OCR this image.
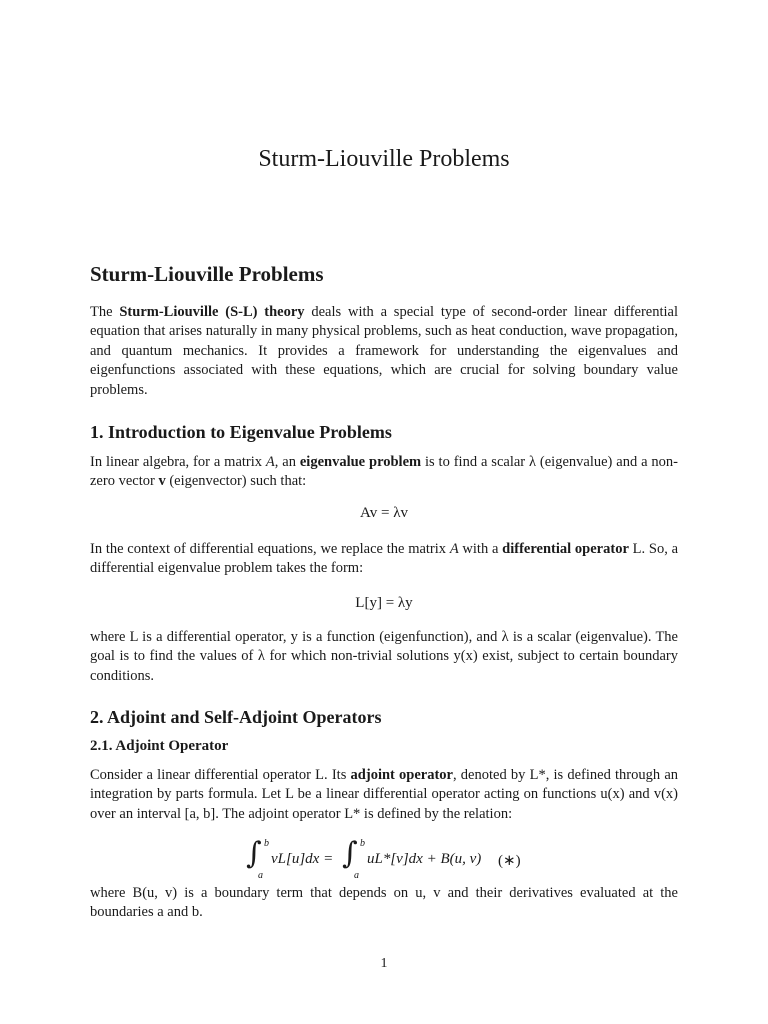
Sturm-Liouville Problems
Sturm-Liouville Problems

The Sturm-Liouville (S-L) theory deals with a special type of second-order linear differential equation that arises naturally in many physical problems, such as heat conduction, wave propagation, and quantum mechanics. It provides a framework for understanding the eigenvalues and eigenfunctions associated with these equations, which are crucial for solving boundary value problems.

1. Introduction to Eigenvalue Problems

In linear algebra, for a matrix A, an eigenvalue problem is to find a scalar λ (eigenvalue) and a non-zero vector v (eigenvector) such that:

Av = λv

In the context of differential equations, we replace the matrix A with a differential operator L. So, a differential eigenvalue problem takes the form:

L[y] = λy

where L is a differential operator, y is a function (eigenfunction), and λ is a scalar (eigenvalue). The goal is to find the values of λ for which non-trivial solutions y(x) exist, subject to certain boundary conditions.

2. Adjoint and Self-Adjoint Operators
2.1. Adjoint Operator

Consider a linear differential operator L. Its adjoint operator, denoted by L*, is defined through an integration by parts formula. Let L be a linear differential operator acting on functions u(x) and v(x) over an interval [a, b]. The adjoint operator L* is defined by the relation:

∫ b
a
vL[u]dx = ∫ b
a
uL*[v]dx + B(u, v) (∗)

where B(u, v) is a boundary term that depends on u, v and their derivatives evaluated at the boundaries a and b.

1
